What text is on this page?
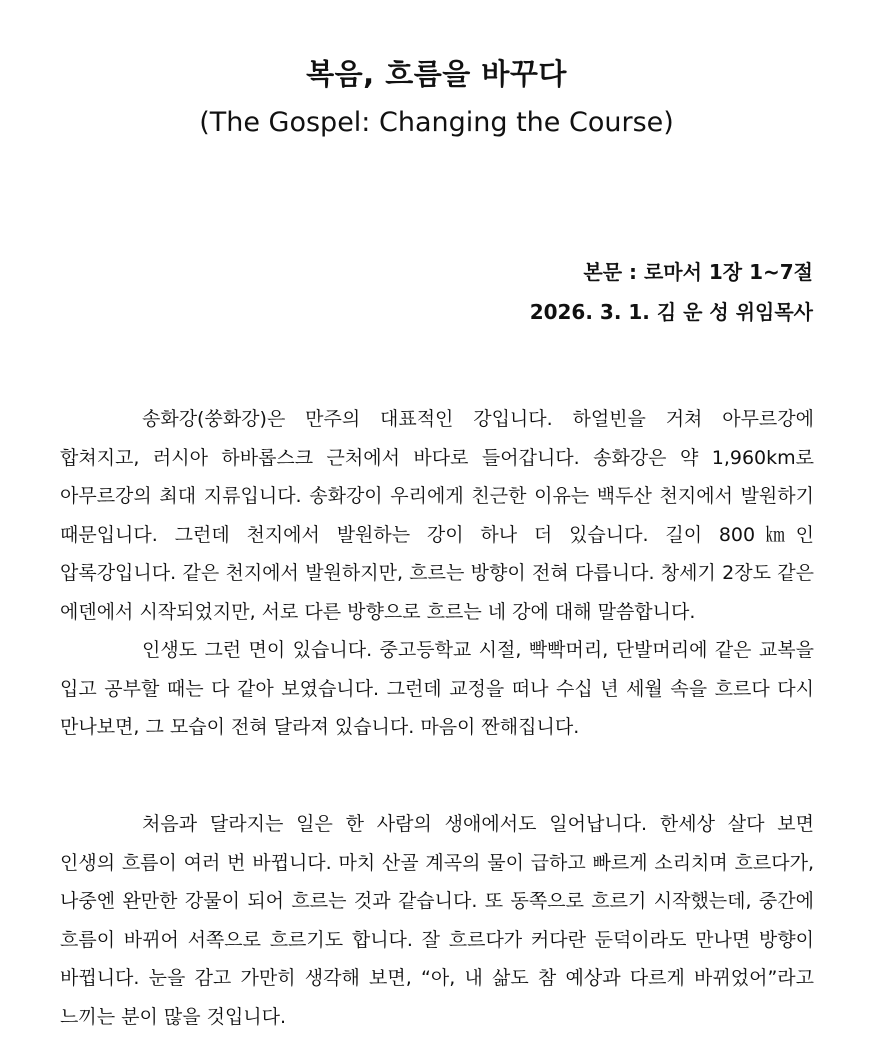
복음, 흐름을 바꾸다
(The Gospel: Changing the Course)
본문 : 로마서 1장 1~7절
2026. 3. 1. 김 운 성 위임목사

송화강(쑹화강)은 만주의 대표적인 강입니다. 하얼빈을 거쳐 아무르강에 합쳐지고, 러시아 하바롭스크 근처에서 바다로 들어갑니다. 송화강은 약 1,960km로 아무르강의 최대 지류입니다. 송화강이 우리에게 친근한 이유는 백두산 천지에서 발원하기 때문입니다. 그런데 천지에서 발원하는 강이 하나 더 있습니다. 길이 800㎞인 압록강입니다. 같은 천지에서 발원하지만, 흐르는 방향이 전혀 다릅니다. 창세기 2장도 같은 에덴에서 시작되었지만, 서로 다른 방향으로 흐르는 네 강에 대해 말씀합니다.

인생도 그런 면이 있습니다. 중고등학교 시절, 빡빡머리, 단발머리에 같은 교복을 입고 공부할 때는 다 같아 보였습니다. 그런데 교정을 떠나 수십 년 세월 속을 흐르다 다시 만나보면, 그 모습이 전혀 달라져 있습니다. 마음이 짠해집니다.

처음과 달라지는 일은 한 사람의 생애에서도 일어납니다. 한세상 살다 보면 인생의 흐름이 여러 번 바뀝니다. 마치 산골 계곡의 물이 급하고 빠르게 소리치며 흐르다가, 나중엔 완만한 강물이 되어 흐르는 것과 같습니다. 또 동쪽으로 흐르기 시작했는데, 중간에 흐름이 바뀌어 서쪽으로 흐르기도 합니다. 잘 흐르다가 커다란 둔덕이라도 만나면 방향이 바뀝니다. 눈을 감고 가만히 생각해 보면, “아, 내 삶도 참 예상과 다르게 바뀌었어”라고 느끼는 분이 많을 것입니다.
